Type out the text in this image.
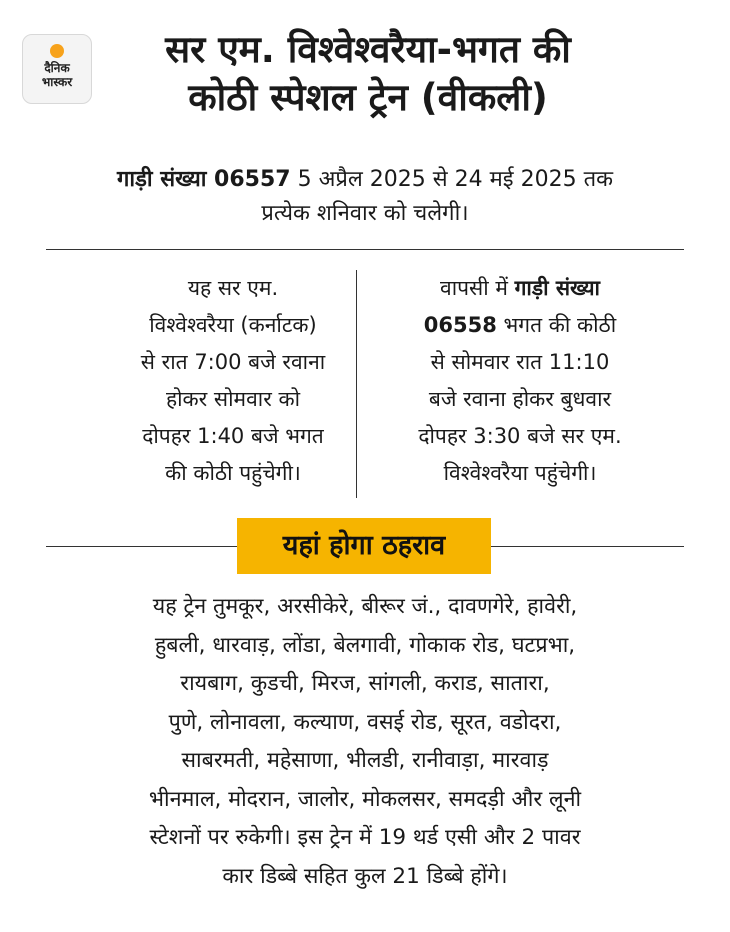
दैनिक
भास्कर
सर एम. विश्वेश्वरैया-भगत की
कोठी स्पेशल ट्रेन (वीकली)
गाड़ी संख्या 06557 5 अप्रैल 2025 से 24 मई 2025 तक
प्रत्येक शनिवार को चलेगी।
यह सर एम.
विश्वेश्वरैया (कर्नाटक)
से रात 7:00 बजे रवाना
होकर सोमवार को
दोपहर 1:40 बजे भगत
की कोठी पहुंचेगी।
वापसी में गाड़ी संख्या
06558 भगत की कोठी
से सोमवार रात 11:10
बजे रवाना होकर बुधवार
दोपहर 3:30 बजे सर एम.
विश्वेश्वरैया पहुंचेगी।
यहां होगा ठहराव
यह ट्रेन तुमकूर, अरसीकेरे, बीरूर जं., दावणगेरे, हावेरी,
हुबली, धारवाड़, लोंडा, बेलगावी, गोकाक रोड, घटप्रभा,
रायबाग, कुडची, मिरज, सांगली, कराड, सातारा,
पुणे, लोनावला, कल्याण, वसई रोड, सूरत, वडोदरा,
साबरमती, महेसाणा, भीलडी, रानीवाड़ा, मारवाड़
भीनमाल, मोदरान, जालोर, मोकलसर, समदड़ी और लूनी
स्टेशनों पर रुकेगी। इस ट्रेन में 19 थर्ड एसी और 2 पावर
कार डिब्बे सहित कुल 21 डिब्बे होंगे।
